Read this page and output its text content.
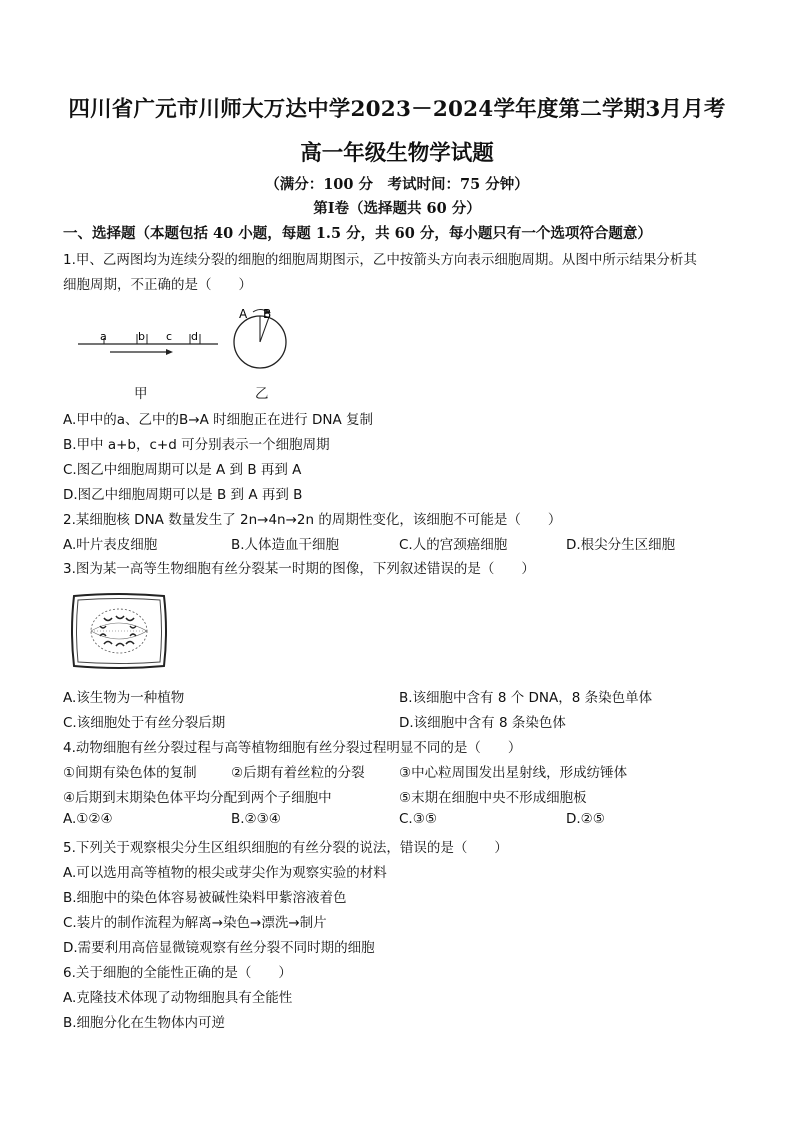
四川省广元市川师大万达中学2023－2024学年度第二学期3月月考
高一年级生物学试题
（满分：100 分　考试时间：75 分钟）
第Ⅰ卷（选择题共 60 分）
一、选择题（本题包括 40 小题，每题 1.5 分，共 60 分，每小题只有一个选项符合题意）
1.甲、乙两图均为连续分裂的细胞的细胞周期图示，乙中按箭头方向表示细胞周期。从图中所示结果分析其
细胞周期，不正确的是（　　）
a	b c d
A B
甲	乙
A.甲中的a、乙中的B→A 时细胞正在进行 DNA 复制
B.甲中 a+b，c+d 可分别表示一个细胞周期
C.图乙中细胞周期可以是 A 到 B 再到 A
D.图乙中细胞周期可以是 B 到 A 再到 B
2.某细胞核 DNA 数量发生了 2n→4n→2n 的周期性变化，该细胞不可能是（　　）
A.叶片表皮细胞	B.人体造血干细胞	C.人的宫颈癌细胞	D.根尖分生区细胞
3.图为某一高等生物细胞有丝分裂某一时期的图像，下列叙述错误的是（　　）
A.该生物为一种植物	B.该细胞中含有 8 个 DNA，8 条染色单体
C.该细胞处于有丝分裂后期	D.该细胞中含有 8 条染色体
4.动物细胞有丝分裂过程与高等植物细胞有丝分裂过程明显不同的是（　　）
①间期有染色体的复制	②后期有着丝粒的分裂	③中心粒周围发出星射线，形成纺锤体
④后期到末期染色体平均分配到两个子细胞中	⑤末期在细胞中央不形成细胞板
A.①②④	B.②③④	C.③⑤	D.②⑤
5.下列关于观察根尖分生区组织细胞的有丝分裂的说法，错误的是（　　）
A.可以选用高等植物的根尖或芽尖作为观察实验的材料
B.细胞中的染色体容易被碱性染料甲紫溶液着色
C.装片的制作流程为解离→染色→漂洗→制片
D.需要利用高倍显微镜观察有丝分裂不同时期的细胞
6.关于细胞的全能性正确的是（　　）
A.克隆技术体现了动物细胞具有全能性
B.细胞分化在生物体内可逆
